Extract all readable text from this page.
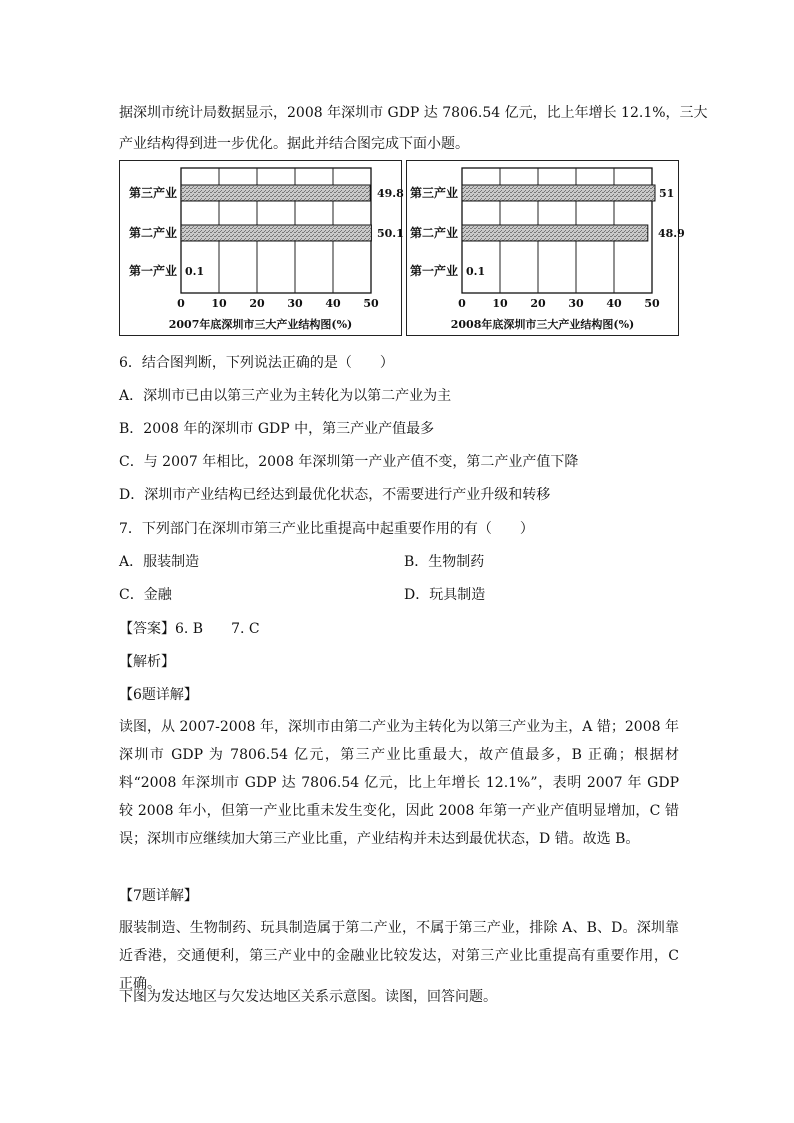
据深圳市统计局数据显示，2008 年深圳市 GDP 达 7806.54 亿元，比上年增长 12.1%，三大
产业结构得到进一步优化。据此并结合图完成下面小题。
0 10 20 30 40 50
第三产业	49.8
第二产业	50.1
第一产业 0.1
2007年底深圳市三大产业结构图(%)
0 10 20 30 40 50
第三产业	51
第二产业	48.9
第一产业 0.1
2008年底深圳市三大产业结构图(%)
6．结合图判断，下列说法正确的是（　　）
A．深圳市已由以第三产业为主转化为以第二产业为主
B．2008 年的深圳市 GDP 中，第三产业产值最多
C．与 2007 年相比，2008 年深圳第一产业产值不变，第二产业产值下降
D．深圳市产业结构已经达到最优化状态，不需要进行产业升级和转移
7．下列部门在深圳市第三产业比重提高中起重要作用的有（　　）
A．服装制造	B．生物制药
C．金融	D．玩具制造
【答案】6. B　　7. C
【解析】
【6题详解】
读图，从 2007-2008 年，深圳市由第二产业为主转化为以第三产业为主，A 错；2008 年深圳市 GDP 为 7806.54 亿元，第三产业比重最大，故产值最多，B 正确；根据材料“2008 年深圳市 GDP 达 7806.54 亿元，比上年增长 12.1%”，表明 2007 年 GDP 较 2008 年小，但第一产业比重未发生变化，因此 2008 年第一产业产值明显增加，C 错误；深圳市应继续加大第三产业比重，产业结构并未达到最优状态，D 错。故选 B。
【7题详解】
服装制造、生物制药、玩具制造属于第二产业，不属于第三产业，排除 A、B、D。深圳靠近香港，交通便利，第三产业中的金融业比较发达，对第三产业比重提高有重要作用，C 正确。
下图为发达地区与欠发达地区关系示意图。读图，回答问题。
